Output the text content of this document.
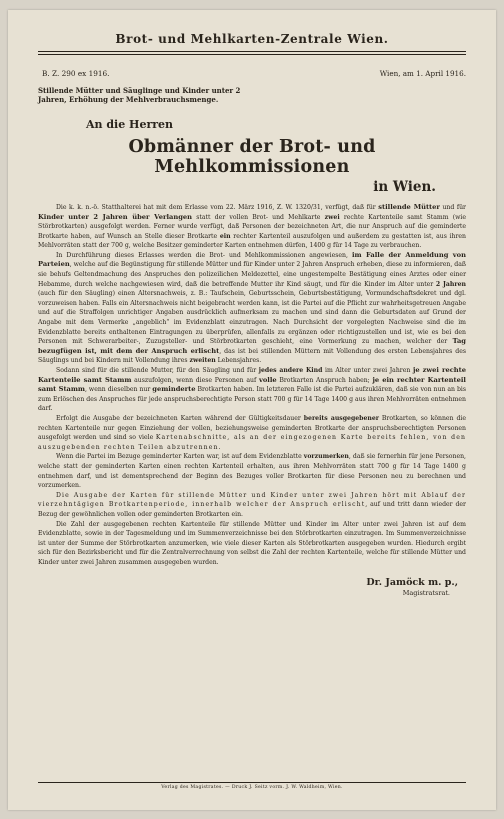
Brot- und Mehlkarten-Zentrale Wien.
B. Z. 290 ex 1916.
Stillende Mütter und Säuglinge und Kinder unter 2 Jahren, Erhöhung der Mehlverbrauchsmenge.
Wien, am 1. April 1916.
An die Herren
Obmänner der Brot- und Mehlkommissionen
in Wien.

Die k. k. n.-ö. Statthalterei hat mit dem Erlasse vom 22. März 1916, Z. W. 1320/31, verfügt, daß für stillende Mütter und für Kinder unter 2 Jahren über Verlangen statt der vollen Brot- und Mehlkarte zwei rechte Kartenteile samt Stamm (wie Störbrotkarten) ausgefolgt werden. Ferner wurde verfügt, daß Personen der bezeichneten Art, die nur Anspruch auf die geminderte Brotkarte haben, auf Wunsch an Stelle dieser Brotkarte ein rechter Kartenteil auszufolgen und außerdem zu gestatten ist, aus ihren Mehlvorräten statt der 700 g, welche Besitzer geminderter Karten entnehmen dürfen, 1400 g für 14 Tage zu verbrauchen.

In Durchführung dieses Erlasses werden die Brot- und Mehlkommissionen angewiesen, im Falle der Anmeldung von Parteien, welche auf die Begünstigung für stillende Mütter und für Kinder unter 2 Jahren Anspruch erheben, diese zu informieren, daß sie behufs Geltendmachung des Anspruches den polizeilichen Meldezettel, eine ungestempelte Bestätigung eines Arztes oder einer Hebamme, durch welche nachgewiesen wird, daß die betreffende Mutter ihr Kind säugt, und für die Kinder im Alter unter 2 Jahren (auch für den Säugling) einen Altersnachweis, z. B.: Taufschein, Geburtsschein, Geburtsbestätigung, Vormundschaftsdekret und dgl. vorzuweisen haben. Falls ein Altersnachweis nicht beigebracht werden kann, ist die Partei auf die Pflicht zur wahrheitsgetreuen Angabe und auf die Straffolgen unrichtiger Angaben ausdrücklich aufmerksam zu machen und sind dann die Geburtsdaten auf Grund der Angabe mit dem Vermerke „angeblich“ im Evidenzblatt einzutragen. Nach Durchsicht der vorgelegten Nachweise sind die im Evidenzblatte bereits enthaltenen Eintragungen zu überprüfen, allenfalls zu ergänzen oder richtigzustellen und ist, wie es bei den Personen mit Schwerarbeiter-, Zuzugsteller- und Störbrotkarten geschieht, eine Vormerkung zu machen, welcher der Tag bezugfügen ist, mit dem der Anspruch erlischt, das ist bei stillenden Müttern mit Vollendung des ersten Lebensjahres des Säuglings und bei Kindern mit Vollendung ihres zweiten Lebensjahres.

Sodann sind für die stillende Mutter, für den Säugling und für jedes andere Kind im Alter unter zwei Jahren je zwei rechte Kartenteile samt Stamm auszufolgen, wenn diese Personen auf volle Brotkarten Anspruch haben; je ein rechter Kartenteil samt Stamm, wenn dieselben nur geminderte Brotkarten haben. Im letzteren Falle ist die Partei aufzuklären, daß sie von nun an bis zum Erlöschen des Anspruches für jede anspruchsberechtigte Person statt 700 g für 14 Tage 1400 g aus ihren Mehlvorräten entnehmen darf.

Erfolgt die Ausgabe der bezeichneten Karten während der Gültigkeitsdauer bereits ausgegebener Brotkarten, so können die rechten Kartenteile nur gegen Einziehung der vollen, beziehungsweise geminderten Brotkarte der anspruchsberechtigten Personen ausgefolgt werden und sind so viele Kartenabschnitte, als an der eingezogenen Karte bereits fehlen, von den auszugebenden rechten Teilen abzutrennen.

Wenn die Partei im Bezuge geminderter Karten war, ist auf dem Evidenzblatte vorzumerken, daß sie fernerhin für jene Personen, welche statt der geminderten Karten einen rechten Kartenteil erhalten, aus ihren Mehlvorräten statt 700 g für 14 Tage 1400 g entnehmen darf, und ist dementsprechend der Beginn des Bezuges voller Brotkarten für diese Personen neu zu berechnen und vorzumerken.

Die Ausgabe der Karten für stillende Mütter und Kinder unter zwei Jahren hört mit Ablauf der vierzehntägigen Brotkartenperiode, innerhalb welcher der Anspruch erlischt, auf und tritt dann wieder der Bezug der gewöhnlichen vollen oder geminderten Brotkarten ein.

Die Zahl der ausgegebenen rechten Kartenteile für stillende Mütter und Kinder im Alter unter zwei Jahren ist auf dem Evidenzblatte, sowie in der Tagesmeldung und im Summenverzeichnisse bei den Störbrotkarten einzutragen. Im Summenverzeichnisse ist unter der Summe der Störbrotkarten anzumerken, wie viele dieser Karten als Störbrotkarten ausgegeben wurden. Hiedurch ergibt sich für den Bezirksbericht und für die Zentralverrechnung von selbst die Zahl der rechten Kartenteile, welche für stillende Mütter und Kinder unter zwei Jahren zusammen ausgegeben wurden.

Dr. Jamöck m. p.,
Magistratsrat.
Verlag des Magistrates. — Druck J. Seitz vorm. J. W. Waldheim, Wien.
